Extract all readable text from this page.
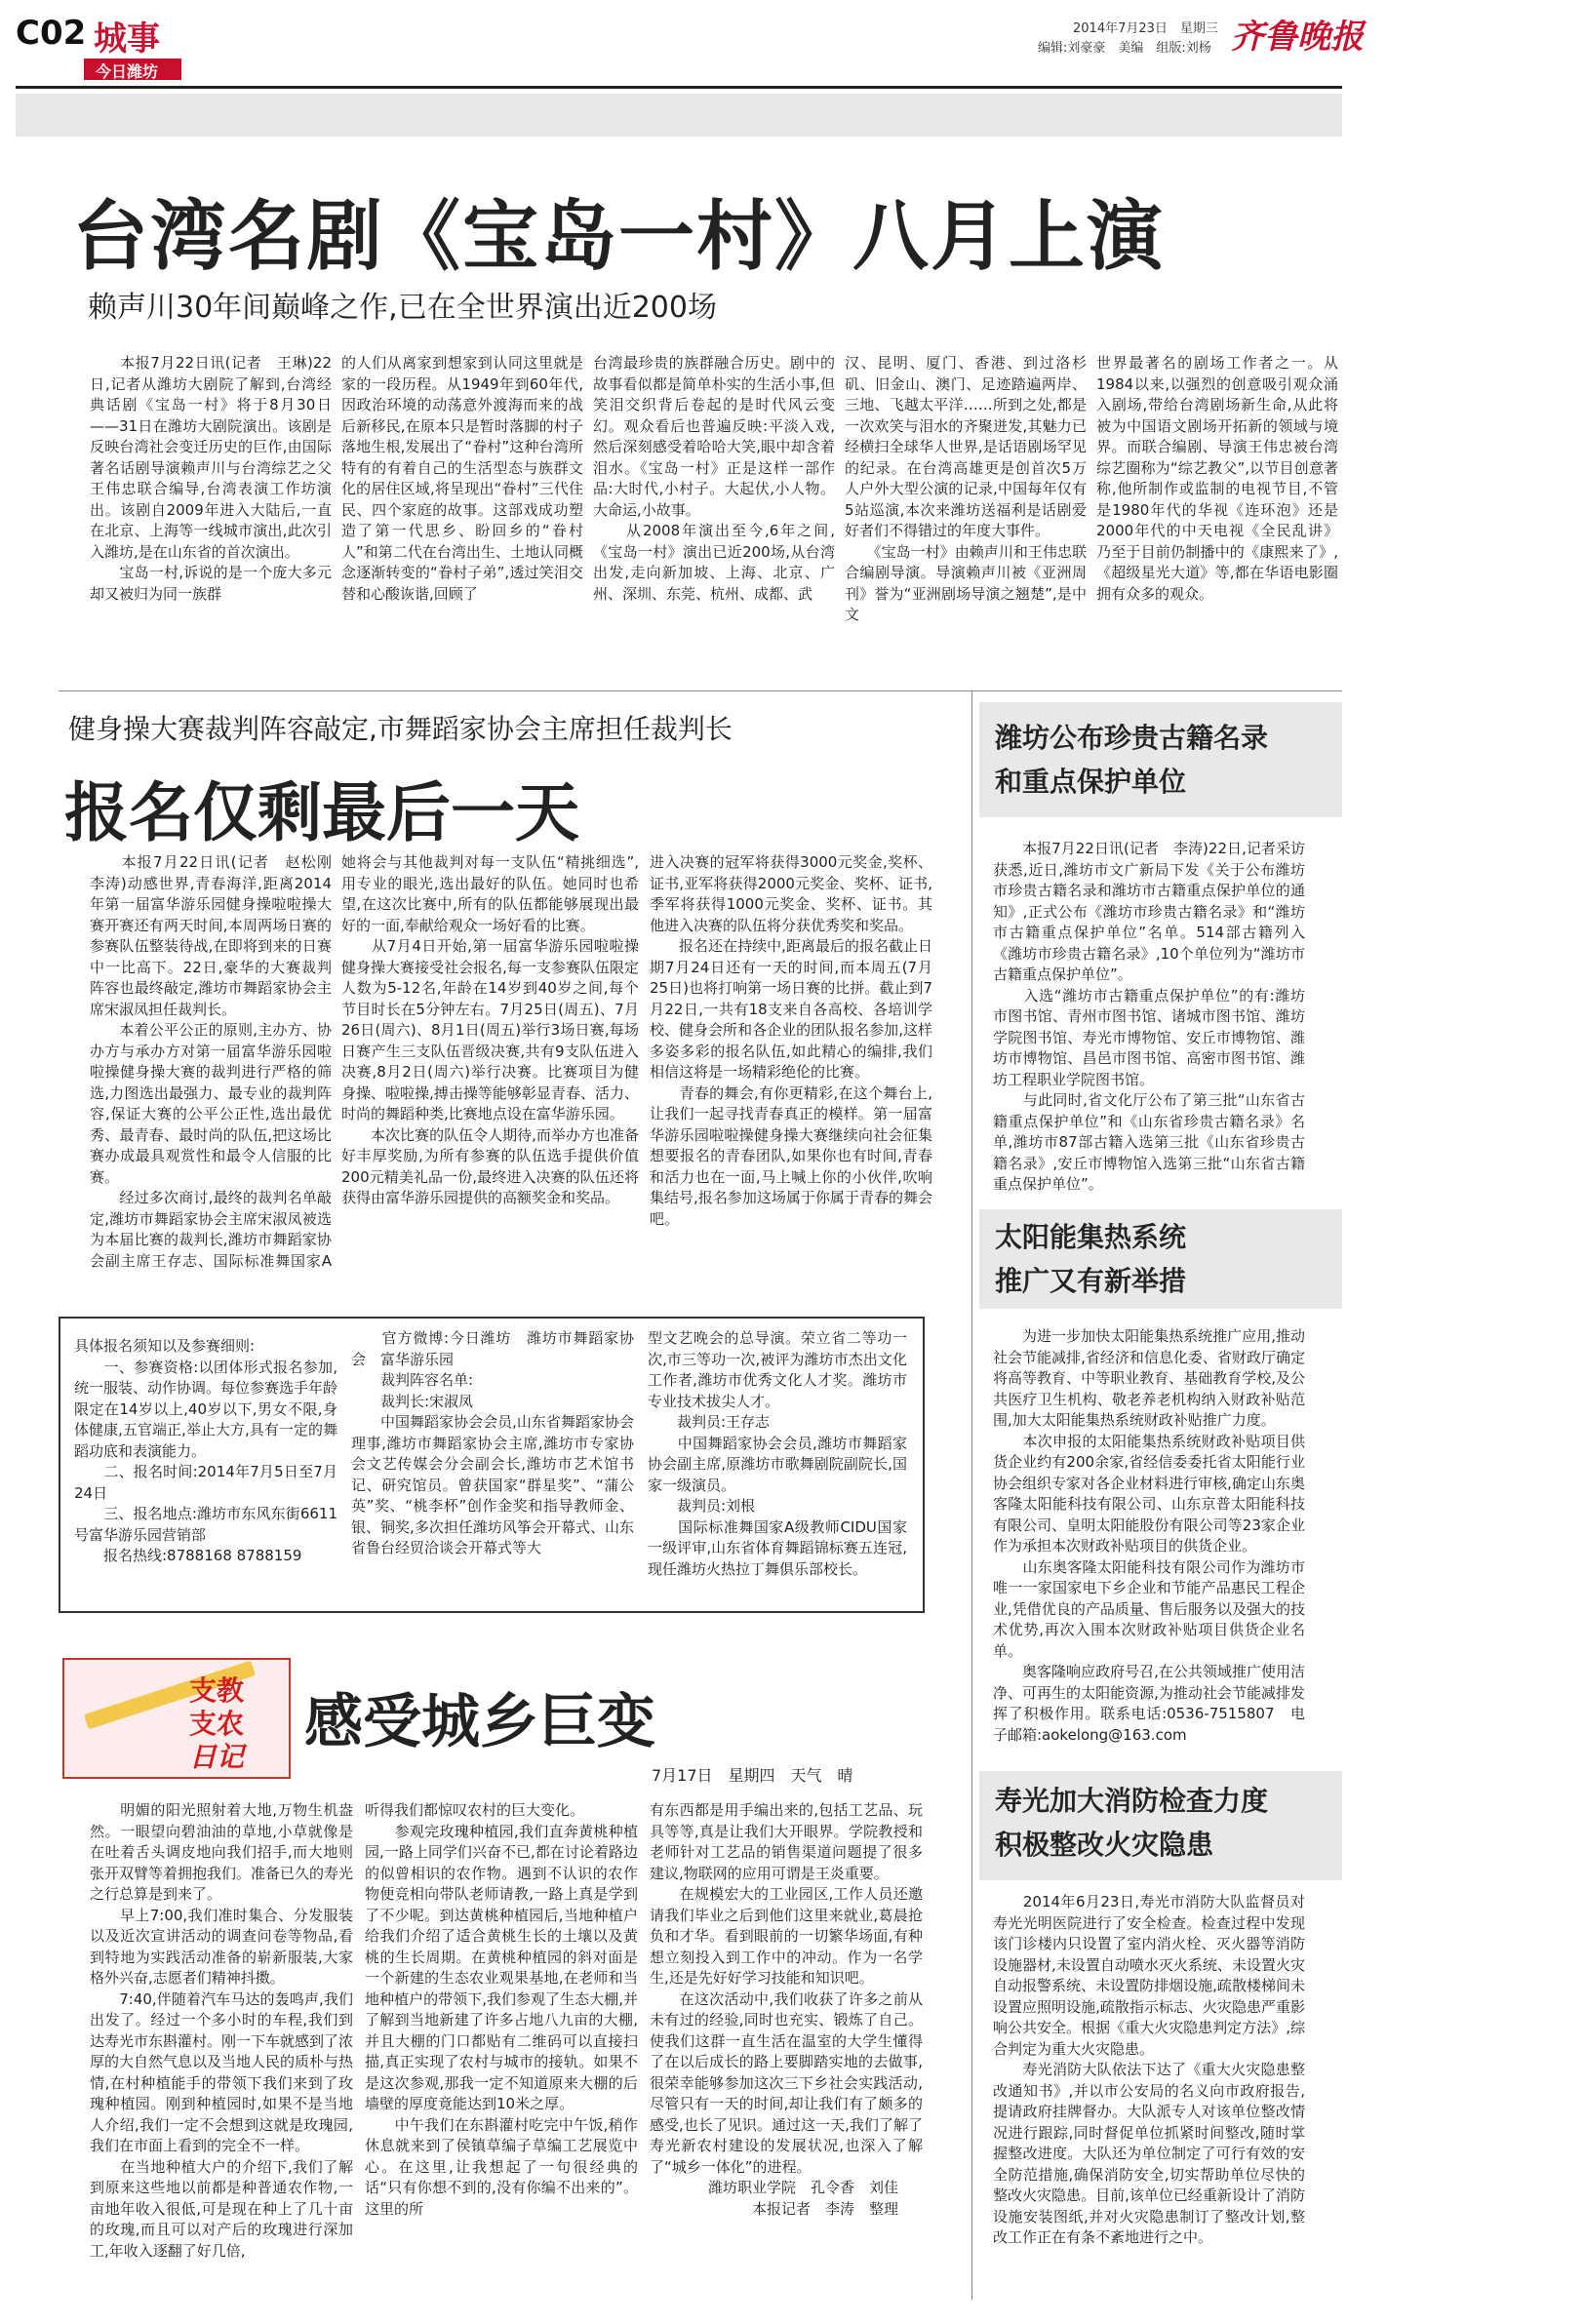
C02 城事
今日潍坊
2014年7月23日　星期三
编辑:刘豪豪　美编　组版:刘杨 齐鲁晚报
台湾名剧《宝岛一村》八月上演
赖声川30年间巅峰之作,已在全世界演出近200场
　　本报7月22日讯(记者　王琳)22日,记者从潍坊大剧院了解到,台湾经典话剧《宝岛一村》将于8月30日——31日在潍坊大剧院演出。该剧是反映台湾社会变迁历史的巨作,由国际著名话剧导演赖声川与台湾综艺之父王伟忠联合编导,台湾表演工作坊演出。该剧自2009年进入大陆后,一直在北京、上海等一线城市演出,此次引入潍坊,是在山东省的首次演出。
　　宝岛一村,诉说的是一个庞大多元却又被归为同一族群
的人们从离家到想家到认同这里就是家的一段历程。从1949年到60年代,因政治环境的动荡意外渡海而来的战后新移民,在原本只是暂时落脚的村子落地生根,发展出了“眷村”这种台湾所特有的有着自己的生活型态与族群文化的居住区域,将呈现出“眷村”三代住民、四个家庭的故事。这部戏成功塑造了第一代思乡、盼回乡的“眷村人”和第二代在台湾出生、土地认同概念逐渐转变的“眷村子弟”,透过笑泪交替和心酸诙谐,回顾了
台湾最珍贵的族群融合历史。剧中的故事看似都是简单朴实的生活小事,但笑泪交织背后卷起的是时代风云变幻。观众看后也普遍反映:平淡入戏,然后深刻感受着哈哈大笑,眼中却含着泪水。《宝岛一村》正是这样一部作品:大时代,小村子。大起伏,小人物。大命运,小故事。
　　从2008年演出至今,6年之间,《宝岛一村》演出已近200场,从台湾出发,走向新加坡、上海、北京、广州、深圳、东莞、杭州、成都、武
汉、昆明、厦门、香港、到过洛杉矶、旧金山、澳门、足迹踏遍两岸、三地、飞越太平洋……所到之处,都是一次欢笑与泪水的齐聚迸发,其魅力已经横扫全球华人世界,是话语剧场罕见的纪录。在台湾高雄更是创首次5万人户外大型公演的记录,中国每年仅有5站巡演,本次来潍坊送福利是话剧爱好者们不得错过的年度大事件。
　　《宝岛一村》由赖声川和王伟忠联合编剧导演。导演赖声川被《亚洲周刊》誉为“亚洲剧场导演之翘楚”,是中文
世界最著名的剧场工作者之一。从1984以来,以强烈的创意吸引观众涌入剧场,带给台湾剧场新生命,从此将被为中国语文剧场开拓新的领域与境界。而联合编剧、导演王伟忠被台湾综艺圈称为“综艺教父”,以节目创意著称,他所制作或监制的电视节目,不管是1980年代的华视《连环泡》还是2000年代的中天电视《全民乱讲》乃至于目前仍制播中的《康熙来了》,《超级星光大道》等,都在华语电影圈拥有众多的观众。
健身操大赛裁判阵容敲定,市舞蹈家协会主席担任裁判长
报名仅剩最后一天
　　本报7月22日讯(记者　赵松刚　李涛)动感世界,青春海洋,距离2014年第一届富华游乐园健身操啦啦操大赛开赛还有两天时间,本周两场日赛的参赛队伍整装待战,在即将到来的日赛中一比高下。22日,豪华的大赛裁判阵容也最终敲定,潍坊市舞蹈家协会主席宋淑凤担任裁判长。
　　本着公平公正的原则,主办方、协办方与承办方对第一届富华游乐园啦啦操健身操大赛的裁判进行严格的筛选,力图选出最强力、最专业的裁判阵容,保证大赛的公平公正性,选出最优秀、最青春、最时尚的队伍,把这场比赛办成最具观赏性和最令人信服的比赛。
　　经过多次商讨,最终的裁判名单敲定,潍坊市舞蹈家协会主席宋淑凤被选为本届比赛的裁判长,潍坊市舞蹈家协会副主席王存志、国际标准舞国家A

她将会与其他裁判对每一支队伍“精挑细选”,用专业的眼光,选出最好的队伍。她同时也希望,在这次比赛中,所有的队伍都能够展现出最好的一面,奉献给观众一场好看的比赛。
　　从7月4日开始,第一届富华游乐园啦啦操健身操大赛接受社会报名,每一支参赛队伍限定人数为5-12名,年龄在14岁到40岁之间,每个节目时长在5分钟左右。7月25日(周五)、7月26日(周六)、8月1日(周五)举行3场日赛,每场日赛产生三支队伍晋级决赛,共有9支队伍进入决赛,8月2日(周六)举行决赛。比赛项目为健身操、啦啦操,搏击操等能够彰显青春、活力、时尚的舞蹈种类,比赛地点设在富华游乐园。
　　本次比赛的队伍令人期待,而举办方也准备好丰厚奖励,为所有参赛的队伍选手提供价值200元精美礼品一份,最终进入决赛的队伍还将获得由富华游乐园提供的高额奖金和奖品。
进入决赛的冠军将获得3000元奖金,奖杯、证书,亚军将获得2000元奖金、奖杯、证书,季军将获得1000元奖金、奖杯、证书。其他进入决赛的队伍将分获优秀奖和奖品。
　　报名还在持续中,距离最后的报名截止日期7月24日还有一天的时间,而本周五(7月25日)也将打响第一场日赛的比拼。截止到7月22日,一共有18支来自各高校、各培训学校、健身会所和各企业的团队报名参加,这样多姿多彩的报名队伍,如此精心的编排,我们相信这将是一场精彩绝伦的比赛。
　　青春的舞会,有你更精彩,在这个舞台上,让我们一起寻找青春真正的模样。第一届富华游乐园啦啦操健身操大赛继续向社会征集想要报名的青春团队,如果你也有时间,青春和活力也在一面,马上喊上你的小伙伴,吹响集结号,报名参加这场属于你属于青春的舞会吧。
具体报名须知以及参赛细则:
　　一、参赛资格:以团体形式报名参加,统一服装、动作协调。每位参赛选手年龄限定在14岁以上,40岁以下,男女不限,身体健康,五官端正,举止大方,具有一定的舞蹈功底和表演能力。
　　二、报名时间:2014年7月5日至7月24日
　　三、报名地点:潍坊市东风东街6611号富华游乐园营销部
　　报名热线:8788168 8788159
　　官方微博:今日潍坊　潍坊市舞蹈家协会　富华游乐园
　　裁判阵容名单:
　　裁判长:宋淑凤
　　中国舞蹈家协会会员,山东省舞蹈家协会理事,潍坊市舞蹈家协会主席,潍坊市专家协会文艺传媒会分会副会长,潍坊市艺术馆书记、研究馆员。曾获国家“群星奖”、“蒲公英”奖、“桃李杯”创作金奖和指导教师金、银、铜奖,多次担任潍坊风筝会开幕式、山东省鲁台经贸洽谈会开幕式等大
型文艺晚会的总导演。荣立省二等功一次,市三等功一次,被评为潍坊市杰出文化工作者,潍坊市优秀文化人才奖。潍坊市专业技术拔尖人才。
　　裁判员:王存志
　　中国舞蹈家协会会员,潍坊市舞蹈家协会副主席,原潍坊市歌舞剧院副院长,国家一级演员。
　　裁判员:刘根
　　国际标准舞国家A级教师CIDU国家一级评审,山东省体育舞蹈锦标赛五连冠,现任潍坊火热拉丁舞俱乐部校长。
支教
支农
日记
感受城乡巨变
7月17日　星期四　天气　晴
　　明媚的阳光照射着大地,万物生机盎然。一眼望向碧油油的草地,小草就像是在吐着舌头调皮地向我们招手,而大地则张开双臂等着拥抱我们。准备已久的寿光之行总算是到来了。
　　早上7:00,我们准时集合、分发服装以及近次宣讲活动的调查问卷等物品,看到特地为实践活动准备的崭新服装,大家格外兴奋,志愿者们精神抖擞。
　　7:40,伴随着汽车马达的轰鸣声,我们出发了。经过一个多小时的车程,我们到达寿光市东斟灌村。刚一下车就感到了浓厚的大自然气息以及当地人民的质朴与热情,在村种植能手的带领下我们来到了玫瑰种植园。刚到种植园时,如果不是当地人介绍,我们一定不会想到这就是玫瑰园,我们在市面上看到的完全不一样。
　　在当地种植大户的介绍下,我们了解到原来这些地以前都是种普通农作物,一亩地年收入很低,可是现在种上了几十亩的玫瑰,而且可以对产后的玫瑰进行深加工,年收入逐翻了好几倍,
听得我们都惊叹农村的巨大变化。
　　参观完玫瑰种植园,我们直奔黄桃种植园,一路上同学们兴奋不已,都在讨论着路边的似曾相识的农作物。遇到不认识的农作物便竞相向带队老师请教,一路上真是学到了不少呢。到达黄桃种植园后,当地种植户给我们介绍了适合黄桃生长的土壤以及黄桃的生长周期。在黄桃种植园的斜对面是一个新建的生态农业观果基地,在老师和当地种植户的带领下,我们参观了生态大棚,并了解到当地新建了许多占地八九亩的大棚,并且大棚的门口都贴有二维码可以直接扫描,真正实现了农村与城市的接轨。如果不是这次参观,那我一定不知道原来大棚的后墙壁的厚度竟能达到10米之厚。
　　中午我们在东斟灌村吃完中午饭,稍作休息就来到了侯镇草编子草编工艺展览中心。在这里,让我想起了一句很经典的话“只有你想不到的,没有你编不出来的”。这里的所
有东西都是用手编出来的,包括工艺品、玩具等等,真是让我们大开眼界。学院教授和老师针对工艺品的销售渠道问题提了很多建议,物联网的应用可谓是王炎重要。
　　在规模宏大的工业园区,工作人员还邀请我们毕业之后到他们这里来就业,葛晨抢负和才华。看到眼前的一切繁华场面,有种想立刻投入到工作中的冲动。作为一名学生,还是先好好学习技能和知识吧。
　　在这次活动中,我们收获了许多之前从未有过的经验,同时也充实、锻炼了自己。使我们这群一直生活在温室的大学生懂得了在以后成长的路上要脚踏实地的去做事,很荣幸能够参加这次三下乡社会实践活动,尽管只有一天的时间,却让我们有了颇多的感受,也长了见识。通过这一天,我们了解了寿光新农村建设的发展状况,也深入了解了“城乡一体化”的进程。
　　　　潍坊职业学院　孔令香　刘佳
　　　　　　　本报记者　李涛　整理
潍坊公布珍贵古籍名录
和重点保护单位
　　本报7月22日讯(记者　李涛)22日,记者采访获悉,近日,潍坊市文广新局下发《关于公布潍坊市珍贵古籍名录和潍坊市古籍重点保护单位的通知》,正式公布《潍坊市珍贵古籍名录》和“潍坊市古籍重点保护单位”名单。514部古籍列入《潍坊市珍贵古籍名录》,10个单位列为“潍坊市古籍重点保护单位”。
　　入选“潍坊市古籍重点保护单位”的有:潍坊市图书馆、青州市图书馆、诸城市图书馆、潍坊学院图书馆、寿光市博物馆、安丘市博物馆、潍坊市博物馆、昌邑市图书馆、高密市图书馆、潍坊工程职业学院图书馆。
　　与此同时,省文化厅公布了第三批“山东省古籍重点保护单位”和《山东省珍贵古籍名录》名单,潍坊市87部古籍入选第三批《山东省珍贵古籍名录》,安丘市博物馆入选第三批“山东省古籍重点保护单位”。
太阳能集热系统
推广又有新举措
　　为进一步加快太阳能集热系统推广应用,推动社会节能减排,省经济和信息化委、省财政厅确定将高等教育、中等职业教育、基础教育学校,及公共医疗卫生机构、敬老养老机构纳入财政补贴范围,加大太阳能集热系统财政补贴推广力度。
　　本次申报的太阳能集热系统财政补贴项目供货企业约有200余家,省经信委委托省太阳能行业协会组织专家对各企业材料进行审核,确定山东奥客隆太阳能科技有限公司、山东京普太阳能科技有限公司、皇明太阳能股份有限公司等23家企业作为承担本次财政补贴项目的供货企业。
　　山东奥客隆太阳能科技有限公司作为潍坊市唯一一家国家电下乡企业和节能产品惠民工程企业,凭借优良的产品质量、售后服务以及强大的技术优势,再次入围本次财政补贴项目供货企业名单。
　　奥客隆响应政府号召,在公共领域推广使用洁净、可再生的太阳能资源,为推动社会节能减排发挥了积极作用。联系电话:0536-7515807　电子邮箱:aokelong@163.com
寿光加大消防检查力度
积极整改火灾隐患
　　2014年6月23日,寿光市消防大队监督员对寿光光明医院进行了安全检查。检查过程中发现该门诊楼内只设置了室内消火栓、灭火器等消防设施器材,未设置自动喷水灭火系统、未设置火灾自动报警系统、未设置防排烟设施,疏散楼梯间未设置应照明设施,疏散指示标志、火灾隐患严重影响公共安全。根据《重大火灾隐患判定方法》,综合判定为重大火灾隐患。
　　寿光消防大队依法下达了《重大火灾隐患整改通知书》,并以市公安局的名义向市政府报告,提请政府挂牌督办。大队派专人对该单位整改情况进行跟踪,同时督促单位抓紧时间整改,随时掌握整改进度。大队还为单位制定了可行有效的安全防范措施,确保消防安全,切实帮助单位尽快的整改火灾隐患。目前,该单位已经重新设计了消防设施安装图纸,并对火灾隐患制订了整改计划,整改工作正在有条不紊地进行之中。
